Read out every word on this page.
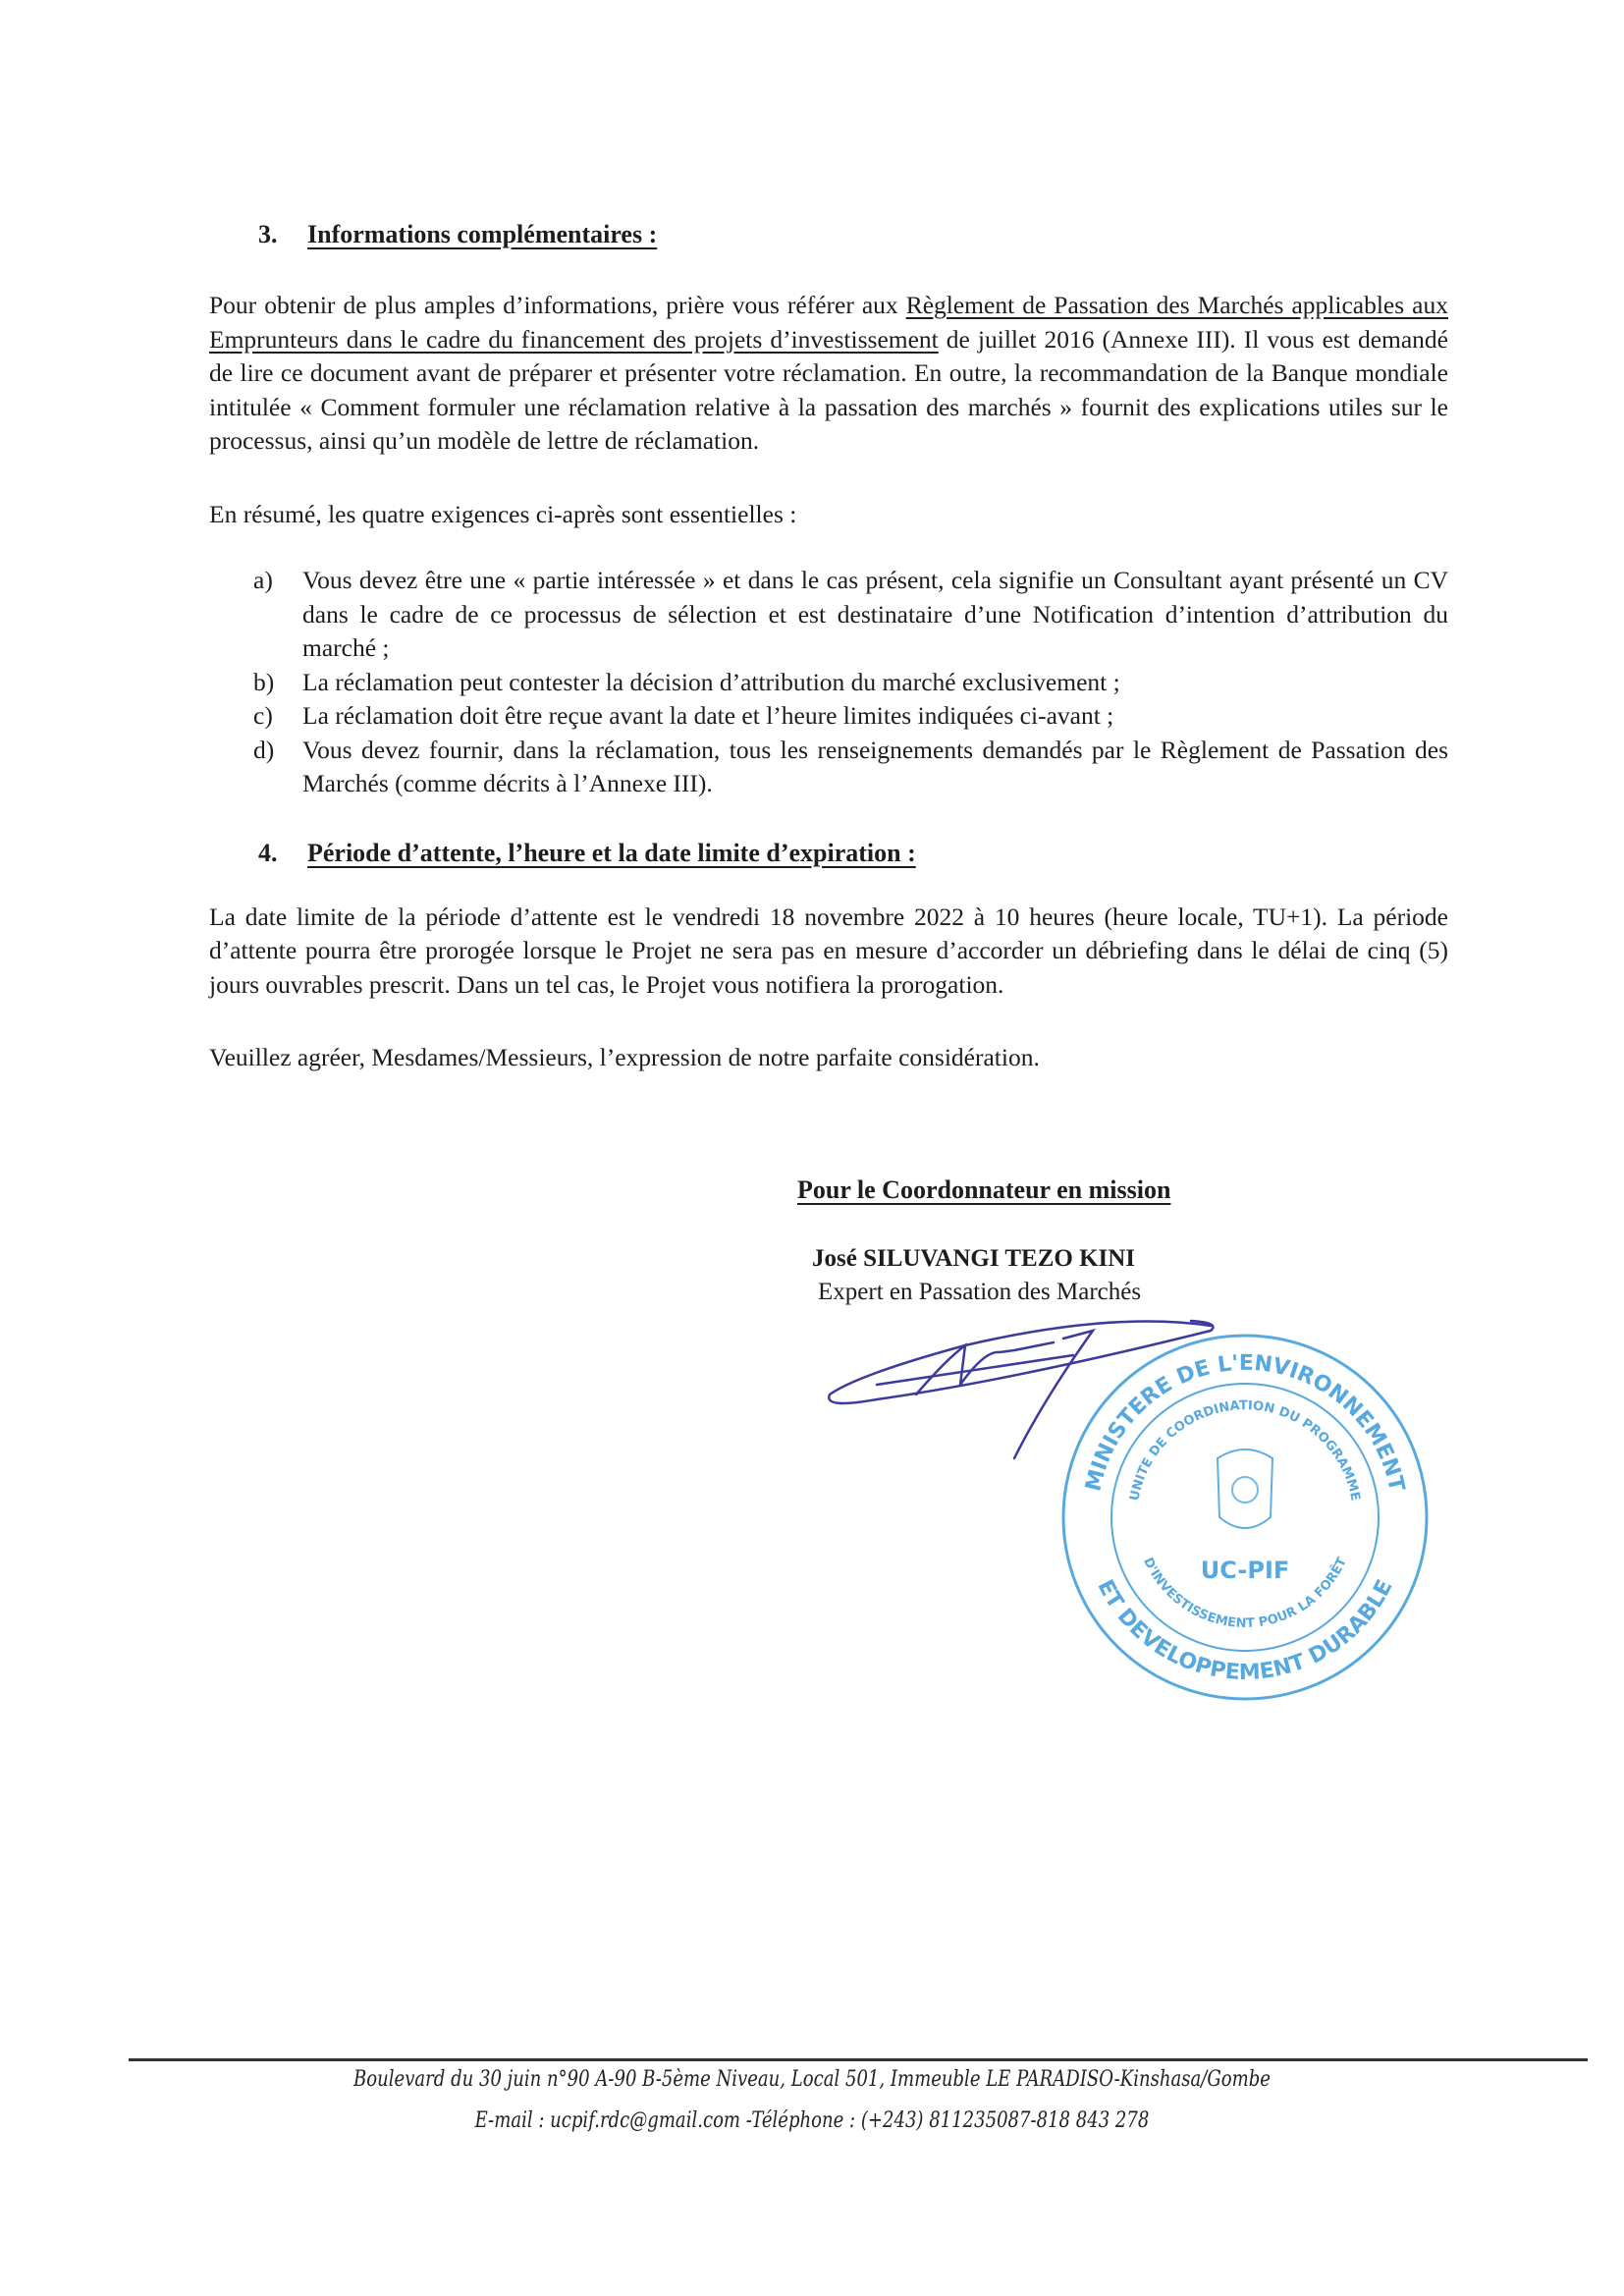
3. Informations complémentaires :
Pour obtenir de plus amples d’informations, prière vous référer aux Règlement de Passation des Marchés applicables aux Emprunteurs dans le cadre du financement des projets d’investissement de juillet 2016 (Annexe III). Il vous est demandé de lire ce document avant de préparer et présenter votre réclamation. En outre, la recommandation de la Banque mondiale intitulée « Comment formuler une réclamation relative à la passation des marchés » fournit des explications utiles sur le processus, ainsi qu’un modèle de lettre de réclamation.
En résumé, les quatre exigences ci-après sont essentielles :
a) Vous devez être une « partie intéressée » et dans le cas présent, cela signifie un Consultant ayant présenté un CV dans le cadre de ce processus de sélection et est destinataire d’une Notification d’intention d’attribution du marché ;
b) La réclamation peut contester la décision d’attribution du marché exclusivement ;
c) La réclamation doit être reçue avant la date et l’heure limites indiquées ci-avant ;
d) Vous devez fournir, dans la réclamation, tous les renseignements demandés par le Règlement de Passation des Marchés (comme décrits à l’Annexe III).
4. Période d’attente, l’heure et la date limite d’expiration :
La date limite de la période d’attente est le vendredi 18 novembre 2022 à 10 heures (heure locale, TU+1). La période d’attente pourra être prorogée lorsque le Projet ne sera pas en mesure d’accorder un débriefing dans le délai de cinq (5) jours ouvrables prescrit. Dans un tel cas, le Projet vous notifiera la prorogation.
Veuillez agréer, Mesdames/Messieurs, l’expression de notre parfaite considération.
Pour le Coordonnateur en mission
José SILUVANGI TEZO KINI
Expert en Passation des Marchés
MINISTERE DE L'ENVIRONNEMENT
ET DEVELOPPEMENT DURABLE
UNITE DE COORDINATION DU PROGRAMME
D'INVESTISSEMENT POUR LA FORÊT
UC-PIF
Boulevard du 30 juin n°90 A-90 B-5ème Niveau, Local 501, Immeuble LE PARADISO-Kinshasa/Gombe
E-mail : ucpif.rdc@gmail.com -Téléphone : (+243) 811235087-818 843 278
